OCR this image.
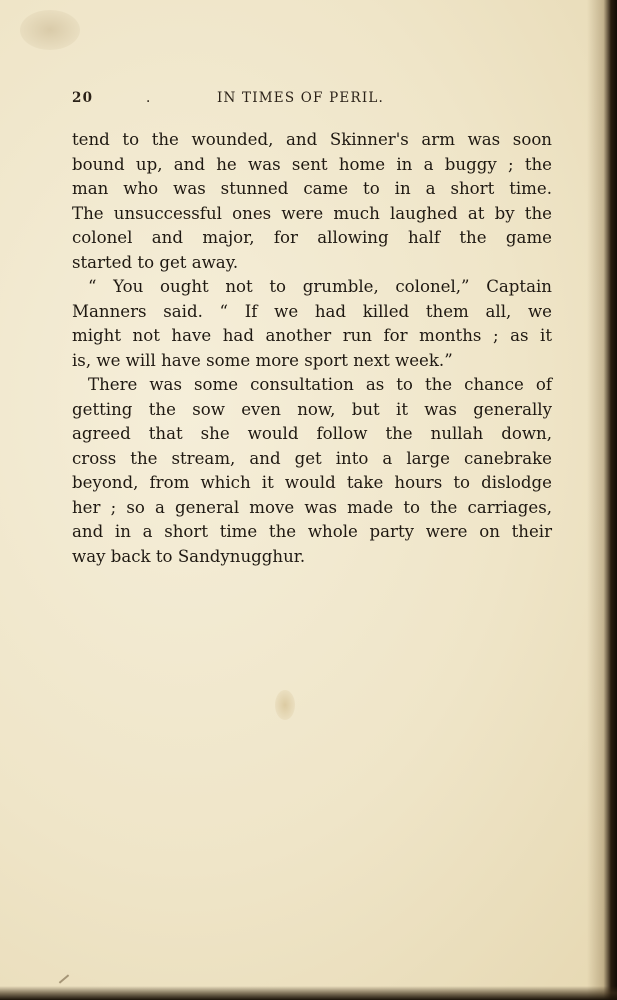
20	.	IN TIMES OF PERIL.

tend to the wounded, and Skinner's arm was soon
bound up, and he was sent home in a buggy ; the
man who was stunned came to in a short time.
The unsuccessful ones were much laughed at by the
colonel and major, for allowing half the game
started to get away.

“ You ought not to grumble, colonel,” Captain
Manners said. “ If we had killed them all, we
might not have had another run for months ; as it
is, we will have some more sport next week.”

There was some consultation as to the chance of
getting the sow even now, but it was generally
agreed that she would follow the nullah down,
cross the stream, and get into a large canebrake
beyond, from which it would take hours to dislodge
her ; so a general move was made to the carriages,
and in a short time the whole party were on their
way back to Sandynugghur.
